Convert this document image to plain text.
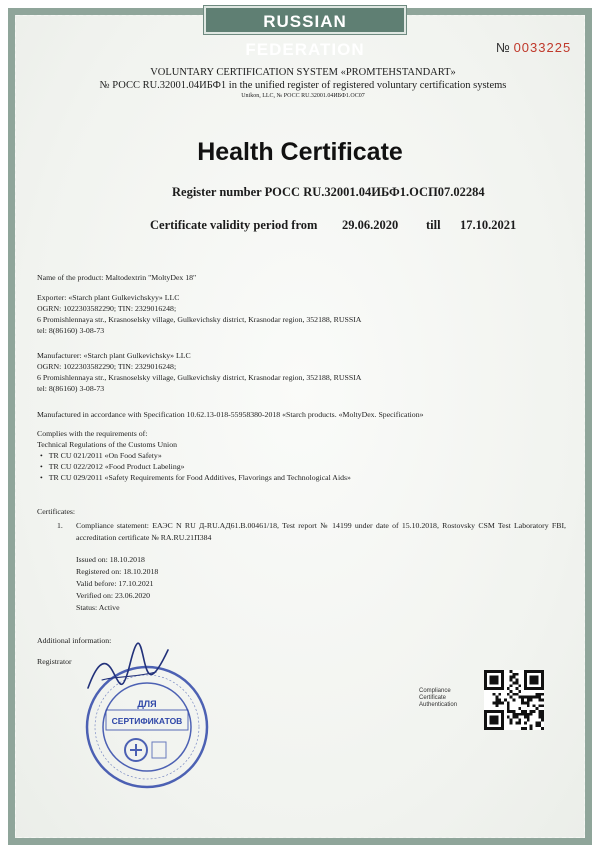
RUSSIAN FEDERATION	№ 0033225
VOLUNTARY CERTIFICATION SYSTEM «PROMTEHSTANDART»
№ РОСС RU.32001.04ИБФ1 in the unified register of registered voluntary certification systems
Unikon, LLC, № РОСС RU.32001.04ИБФ1.ОС07
Health Certificate
Register number РОСС RU.32001.04ИБФ1.ОСП07.02284
Certificate validity period from 29.06.2020 till 17.10.2021
Name of the product: Maltodextrin "MoltyDex 18"
Exporter: «Starch plant Gulkevichskyy» LLC
OGRN: 1022303582290; TIN: 2329016248;
6 Promishlennaya str., Krasnoselsky village, Gulkevichsky district, Krasnodar region, 352188, RUSSIA
tel: 8(86160) 3-08-73
Manufacturer: «Starch plant Gulkevichsky» LLC
OGRN: 1022303582290; TIN: 2329016248;
6 Promishlennaya str., Krasnoselsky village, Gulkevichsky district, Krasnodar region, 352188, RUSSIA
tel: 8(86160) 3-08-73
Manufactured in accordance with Specification 10.62.13-018-55958380-2018 «Starch products. «MoltyDex. Specification»
Complies with the requirements of:
Technical Regulations of the Customs Union
• TR CU 021/2011 «On Food Safety»
• TR CU 022/2012 «Food Product Labeling»
• TR CU 029/2011 «Safety Requirements for Food Additives, Flavorings and Technological Aids»
Certificates:
1. Compliance statement: ЕАЭС N RU Д-RU.АД61.В.00461/18, Test report № 14199 under date of 15.10.2018, Rostovsky CSM Test Laboratory FBI, accreditation certificate № RA.RU.21П384
Issued on: 18.10.2018
Registered on: 18.10.2018
Valid before: 17.10.2021
Verified on: 23.06.2020
Status: Active
Additional information:
Registrator
ДЛЯ
СЕРТИФИКАТОВ
Compliance
Certificate
Authentication
